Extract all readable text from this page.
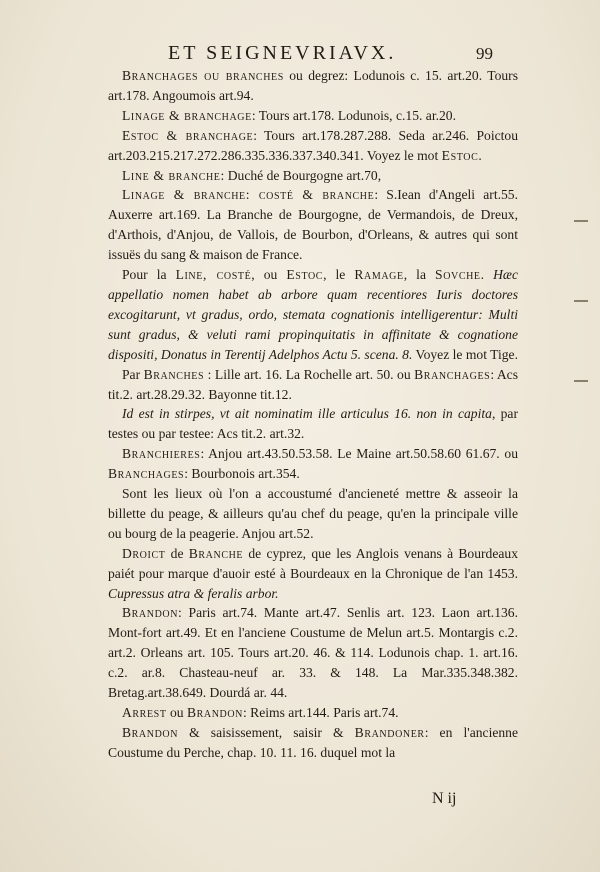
ET SEIGNEVRIAVX.	99

Branchages ou branches ou degrez: Lodunois c. 15. art.20. Tours art.178. Angoumois art.94.

Linage & branchage: Tours art.178. Lodunois, c.15. ar.20.

Estoc & branchage: Tours art.178.287.288. Seda ar.246. Poictou art.203.215.217.272.286.335.336.337.340.341. Voyez le mot Estoc.

Line & branche: Duché de Bourgogne art.70,

Linage & branche: costé & branche: S.Iean d'Angeli art.55. Auxerre art.169. La Branche de Bourgogne, de Vermandois, de Dreux, d'Arthois, d'Anjou, de Vallois, de Bourbon, d'Orleans, & autres qui sont issuës du sang & maison de France.

Pour la Line, costé, ou Estoc, le Ramage, la Sovche. Hæc appellatio nomen habet ab arbore quam recentiores Iuris doctores excogitarunt, vt gradus, ordo, stemata cognationis intelligerentur: Multi sunt gradus, & veluti rami propinquitatis in affinitate & cognatione dispositi, Donatus in Terentij Adelphos Actu 5. scena. 8. Voyez le mot Tige.

Par Branches : Lille art. 16. La Rochelle art. 50. ou Branchages: Acs tit.2. art.28.29.32. Bayonne tit.12.

Id est in stirpes, vt ait nominatim ille articulus 16. non in capita, par testes ou par testee: Acs tit.2. art.32.

Branchieres: Anjou art.43.50.53.58. Le Maine art.50.58.60 61.67. ou Branchages: Bourbonois art.354.

Sont les lieux où l'on a accoustumé d'ancieneté mettre & asseoir la billette du peage, & ailleurs qu'au chef du peage, qu'en la principale ville ou bourg de la peagerie. Anjou art.52.

Droict de Branche de cyprez, que les Anglois venans à Bourdeaux paiét pour marque d'auoir esté à Bourdeaux en la Chronique de l'an 1453. Cupressus atra & feralis arbor.

Brandon: Paris art.74. Mante art.47. Senlis art. 123. Laon art.136. Mont-fort art.49. Et en l'anciene Coustume de Melun art.5. Montargis c.2. art.2. Orleans art. 105. Tours art.20. 46. & 114. Lodunois chap. 1. art.16. c.2. ar.8. Chasteau-neuf ar. 33. & 148. La Mar.335.348.382. Bretag.art.38.649. Dourdá ar. 44.

Arrest ou Brandon: Reims art.144. Paris art.74.

Brandon & saisissement, saisir & Brandoner: en l'ancienne Coustume du Perche, chap. 10. 11. 16. duquel mot la

N ij
